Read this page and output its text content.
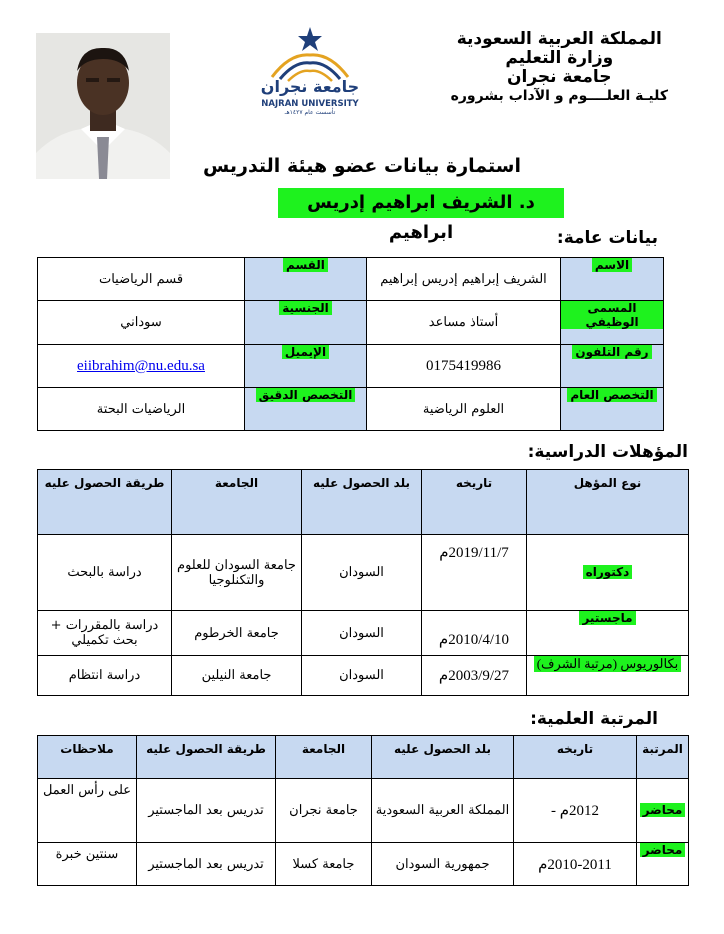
جامعة نجران
NAJRAN UNIVERSITY
تأسست عام ١٤٢٧هـ
المملكة العربية السعودية
وزارة التعليم
جامعة نجران
كليـة العلــــوم و الآداب بشروره
استمارة بيانات عضو هيئة التدريس
د. الشريف ابراهيم إدريس ابراهيم	بيانات عامة:
الاسم	الشريف إبراهيم إدريس إبراهيم	القسم	قسم الرياضيات
المسمى الوظيفي	أستاذ مساعد	الجنسية	سوداني
رقم التلفون	0175419986	الإيميل	eiibrahim@nu.edu.sa
التخصص العام	العلوم الرياضية	التخصص الدقيق	الرياضيات البحتة
المؤهلات الدراسية:
نوع المؤهل	تاريخه	بلد الحصول عليه	الجامعة	طريقة الحصول عليه
دكتوراه	2019/11/7م	السودان	جامعة السودان للعلوم والتكنلوجيا	دراسة بالبحث
ماجستير	2010/4/10م	السودان	جامعة الخرطوم	دراسة بالمقررات + بحث تكميلي
بكالوريوس (مرتبة الشرف)	2003/9/27م	السودان	جامعة النيلين	دراسة انتظام
المرتبة العلمية:
المرتبة	تاريخه	بلد الحصول عليه	الجامعة	طريقة الحصول عليه	ملاحظات
محاضر	2012م -	المملكة العربية السعودية	جامعة نجران	تدريس بعد الماجستير	على رأس العمل
محاضر	2010-2011م	جمهورية السودان	جامعة كسلا	تدريس بعد الماجستير	سنتين خبرة
